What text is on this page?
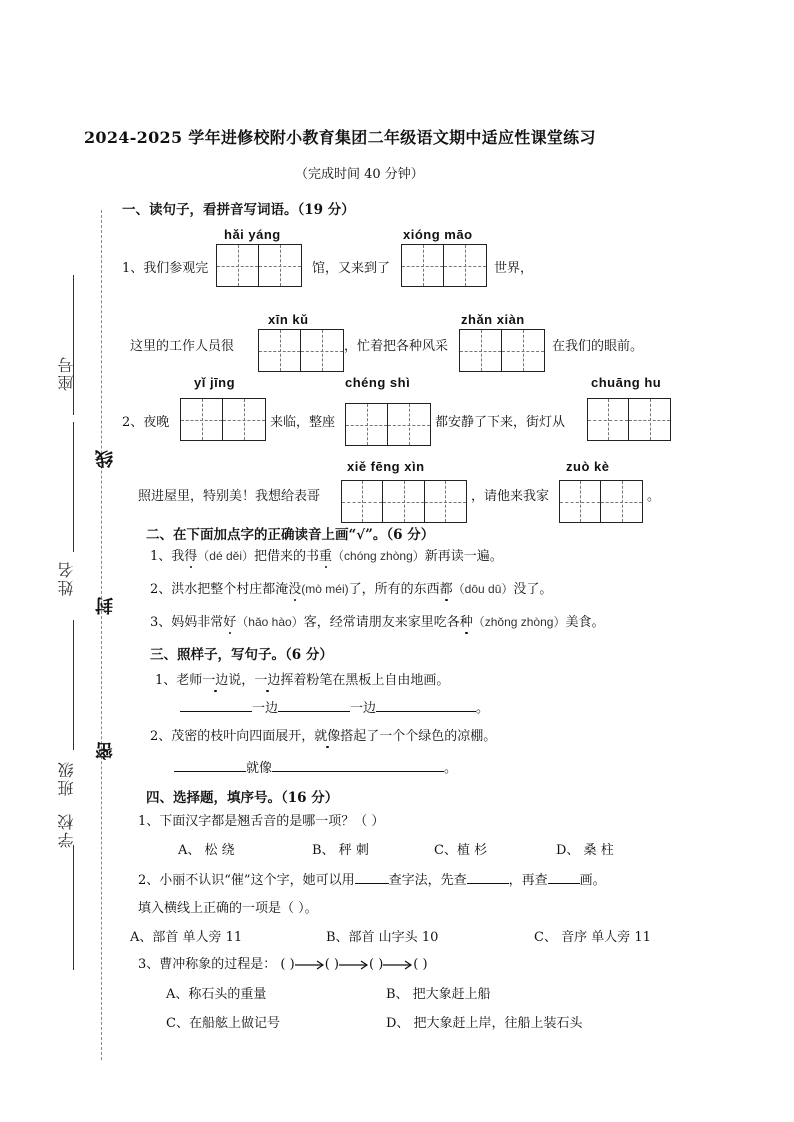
2024-2025 学年进修校附小教育集团二年级语文期中适应性课堂练习
（完成时间 40 分钟）
座号
姓名
班级
学校
线
封
密
一、读句子，看拼音写词语。（19 分）
hǎi yáng	xióng māo
1、我们参观完	馆，又来到了	世界，
xīn kǔ	zhǎn xiàn
这里的工作人员很	，忙着把各种风采	在我们的眼前。
yǐ jīng	chéng shì	chuāng hu
2、夜晚	来临，整座	都安静了下来，街灯从
xiě fēng xìn	zuò kè
照进屋里，特别美！我想给表哥	，请他来我家	。
二、在下面加点字的正确读音上画“√”。（6 分）
1、我得（dé děi）把借来的书重（chóng zhòng）新再读一遍。
2、洪水把整个村庄都淹没(mò méi)了，所有的东西都（dōu dū）没了。
3、妈妈非常好（hǎo hào）客，经常请朋友来家里吃各种（zhǒng zhòng）美食。
三、照样子，写句子。（6 分）
1、老师一边说，一边挥着粉笔在黑板上自由地画。
一边	一边	。
2、茂密的枝叶向四面展开，就像搭起了一个个绿色的凉棚。
就像	。
四、选择题，填序号。（16 分）
1、下面汉字都是翘舌音的是哪一项？（ ）
A、 松 绕	B、 秤 刺	C、植 杉	D、 桑 柱
2、小丽不认识“催”这个字，她可以用	查字法，先查	，再查 画。
填入横线上正确的一项是（ ）。
A、部首 单人旁 11	B、部首 山字头 10	C、 音序 单人旁 11
3、曹冲称象的过程是： ( ) ( ) ( ) ( )
A、称石头的重量	B、 把大象赶上船
C、在船舷上做记号	D、 把大象赶上岸，往船上装石头
